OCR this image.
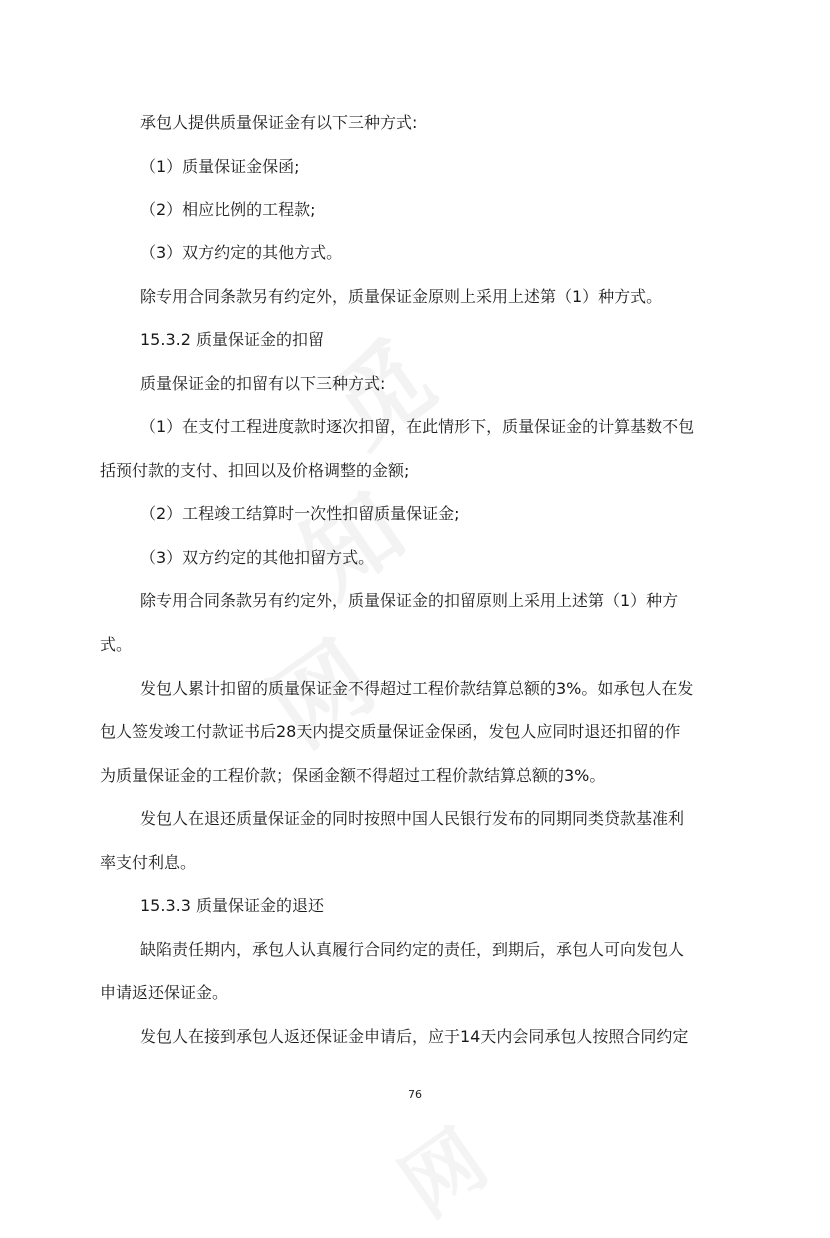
承包人提供质量保证金有以下三种方式:
（1）质量保证金保函;
（2）相应比例的工程款;
（3）双方约定的其他方式。
除专用合同条款另有约定外，质量保证金原则上采用上述第（1）种方式。
15.3.2 质量保证金的扣留
质量保证金的扣留有以下三种方式:
（1）在支付工程进度款时逐次扣留，在此情形下，质量保证金的计算基数不包
括预付款的支付、扣回以及价格调整的金额;
（2）工程竣工结算时一次性扣留质量保证金;
（3）双方约定的其他扣留方式。
除专用合同条款另有约定外，质量保证金的扣留原则上采用上述第（1）种方
式。
发包人累计扣留的质量保证金不得超过工程价款结算总额的3%。如承包人在发
包人签发竣工付款证书后28天内提交质量保证金保函，发包人应同时退还扣留的作
为质量保证金的工程价款；保函金额不得超过工程价款结算总额的3%。
发包人在退还质量保证金的同时按照中国人民银行发布的同期同类贷款基准利
率支付利息。
15.3.3 质量保证金的退还
缺陷责任期内，承包人认真履行合同约定的责任，到期后，承包人可向发包人
申请返还保证金。
发包人在接到承包人返还保证金申请后，应于14天内会同承包人按照合同约定
76
